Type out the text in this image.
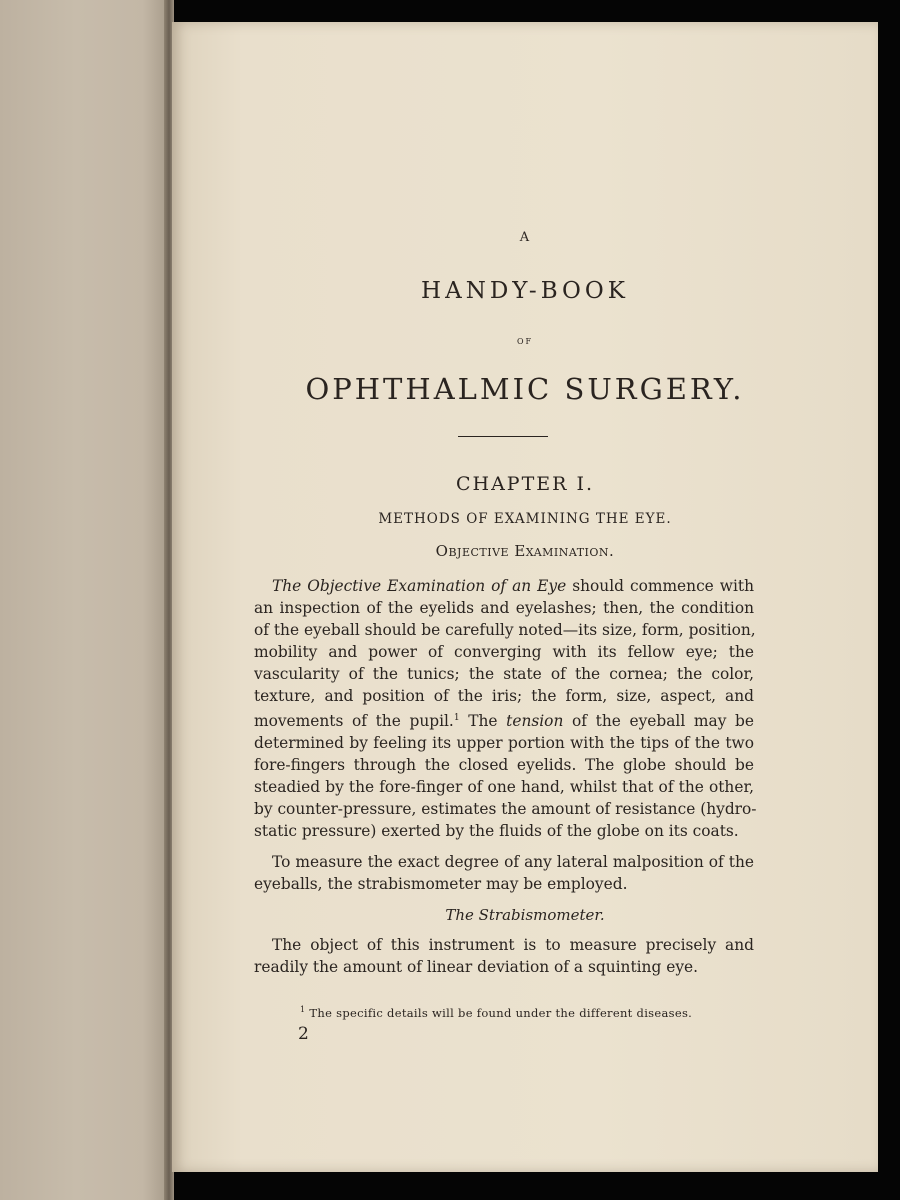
A
HANDY-BOOK
OF
OPHTHALMIC SURGERY.
CHAPTER I.
METHODS OF EXAMINING THE EYE.
Objective Examination.
The Objective Examination of an Eye should commence with
an inspection of the eyelids and eyelashes; then, the condition
of the eyeball should be carefully noted—its size, form, position,
mobility and power of converging with its fellow eye; the
vascularity of the tunics; the state of the cornea; the color,
texture, and position of the iris; the form, size, aspect, and
movements of the pupil.$^1$ The tension of the eyeball may be
determined by feeling its upper portion with the tips of the two
fore-fingers through the closed eyelids. The globe should be
steadied by the fore-finger of one hand, whilst that of the other,
by counter-pressure, estimates the amount of resistance (hydro-
static pressure) exerted by the fluids of the globe on its coats.
To measure the exact degree of any lateral malposition of the
eyeballs, the strabismometer may be employed.
The Strabismometer.
The object of this instrument is to measure precisely and
readily the amount of linear deviation of a squinting eye.
$^1$ The specific details will be found under the different diseases.
2
